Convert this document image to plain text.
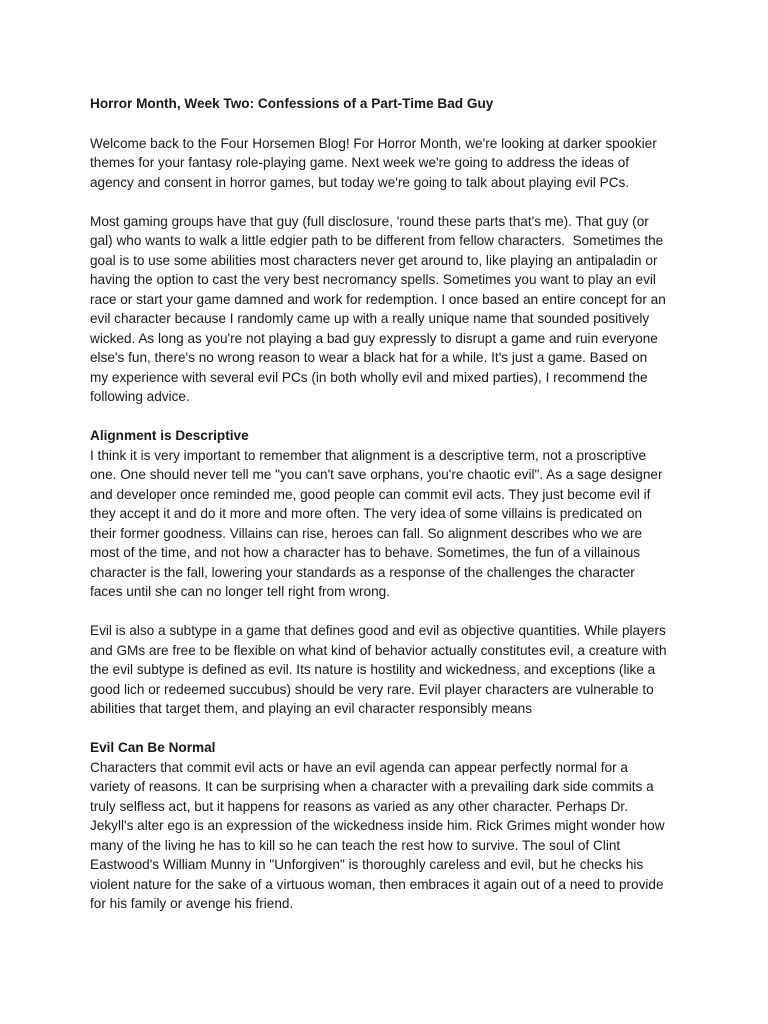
Horror Month, Week Two: Confessions of a Part-Time Bad Guy
Welcome back to the Four Horsemen Blog! For Horror Month, we're looking at darker spookier
themes for your fantasy role-playing game. Next week we're going to address the ideas of
agency and consent in horror games, but today we're going to talk about playing evil PCs.
Most gaming groups have that guy (full disclosure, 'round these parts that's me). That guy (or
gal) who wants to walk a little edgier path to be different from fellow characters.  Sometimes the
goal is to use some abilities most characters never get around to, like playing an antipaladin or
having the option to cast the very best necromancy spells. Sometimes you want to play an evil
race or start your game damned and work for redemption. I once based an entire concept for an
evil character because I randomly came up with a really unique name that sounded positively
wicked. As long as you're not playing a bad guy expressly to disrupt a game and ruin everyone
else's fun, there's no wrong reason to wear a black hat for a while. It's just a game. Based on
my experience with several evil PCs (in both wholly evil and mixed parties), I recommend the
following advice.
Alignment is Descriptive
I think it is very important to remember that alignment is a descriptive term, not a proscriptive
one. One should never tell me "you can't save orphans, you're chaotic evil". As a sage designer
and developer once reminded me, good people can commit evil acts. They just become evil if
they accept it and do it more and more often. The very idea of some villains is predicated on
their former goodness. Villains can rise, heroes can fall. So alignment describes who we are
most of the time, and not how a character has to behave. Sometimes, the fun of a villainous
character is the fall, lowering your standards as a response of the challenges the character
faces until she can no longer tell right from wrong.
Evil is also a subtype in a game that defines good and evil as objective quantities. While players
and GMs are free to be flexible on what kind of behavior actually constitutes evil, a creature with
the evil subtype is defined as evil. Its nature is hostility and wickedness, and exceptions (like a
good lich or redeemed succubus) should be very rare. Evil player characters are vulnerable to
abilities that target them, and playing an evil character responsibly means
Evil Can Be Normal
Characters that commit evil acts or have an evil agenda can appear perfectly normal for a
variety of reasons. It can be surprising when a character with a prevailing dark side commits a
truly selfless act, but it happens for reasons as varied as any other character. Perhaps Dr.
Jekyll's alter ego is an expression of the wickedness inside him. Rick Grimes might wonder how
many of the living he has to kill so he can teach the rest how to survive. The soul of Clint
Eastwood's William Munny in "Unforgiven" is thoroughly careless and evil, but he checks his
violent nature for the sake of a virtuous woman, then embraces it again out of a need to provide
for his family or avenge his friend.
